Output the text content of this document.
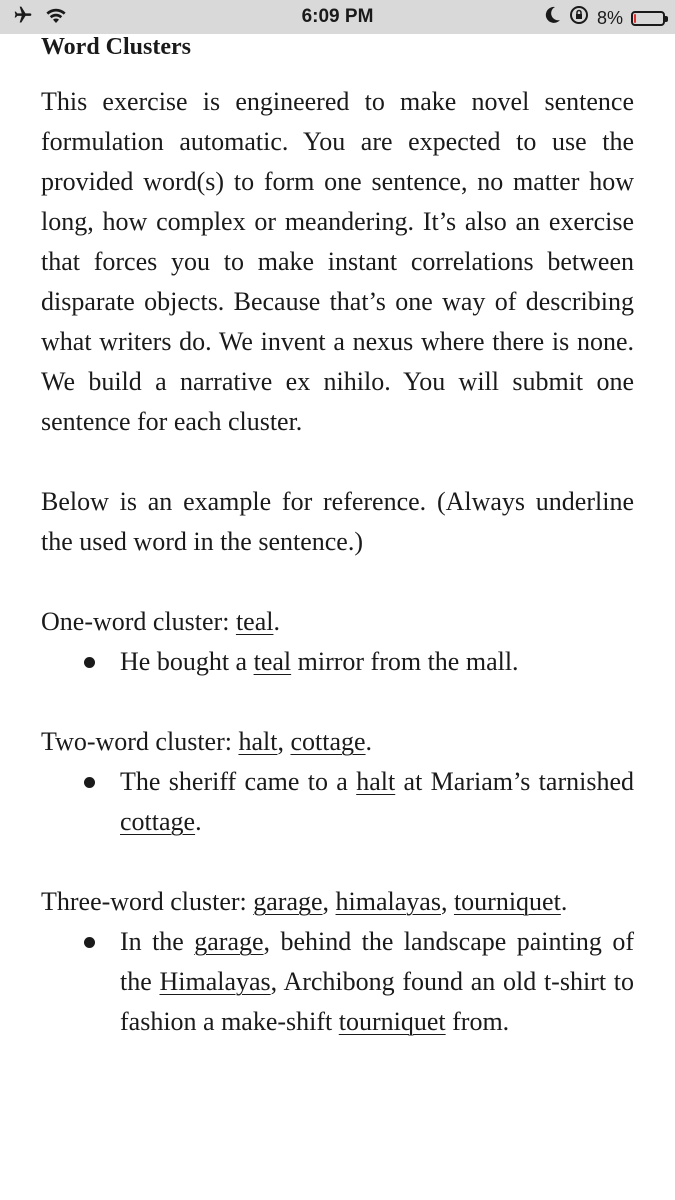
6:09 PM	8%
Word Clusters

This exercise is engineered to make novel sentence formulation automatic. You are expected to use the provided word(s) to form one sentence, no matter how long, how complex or meandering. It’s also an exercise that forces you to make instant correlations between disparate objects. Because that’s one way of describing what writers do. We invent a nexus where there is none. We build a narrative ex nihilo. You will submit one sentence for each cluster.

Below is an example for reference. (Always underline the used word in the sentence.)

One-word cluster: teal.

He bought a teal mirror from the mall.

Two-word cluster: halt, cottage.

The sheriff came to a halt at Mariam’s tarnished cottage.

Three-word cluster: garage, himalayas, tourniquet.

In the garage, behind the landscape painting of the Himalayas, Archibong found an old t-shirt to fashion a make-shift tourniquet from.
